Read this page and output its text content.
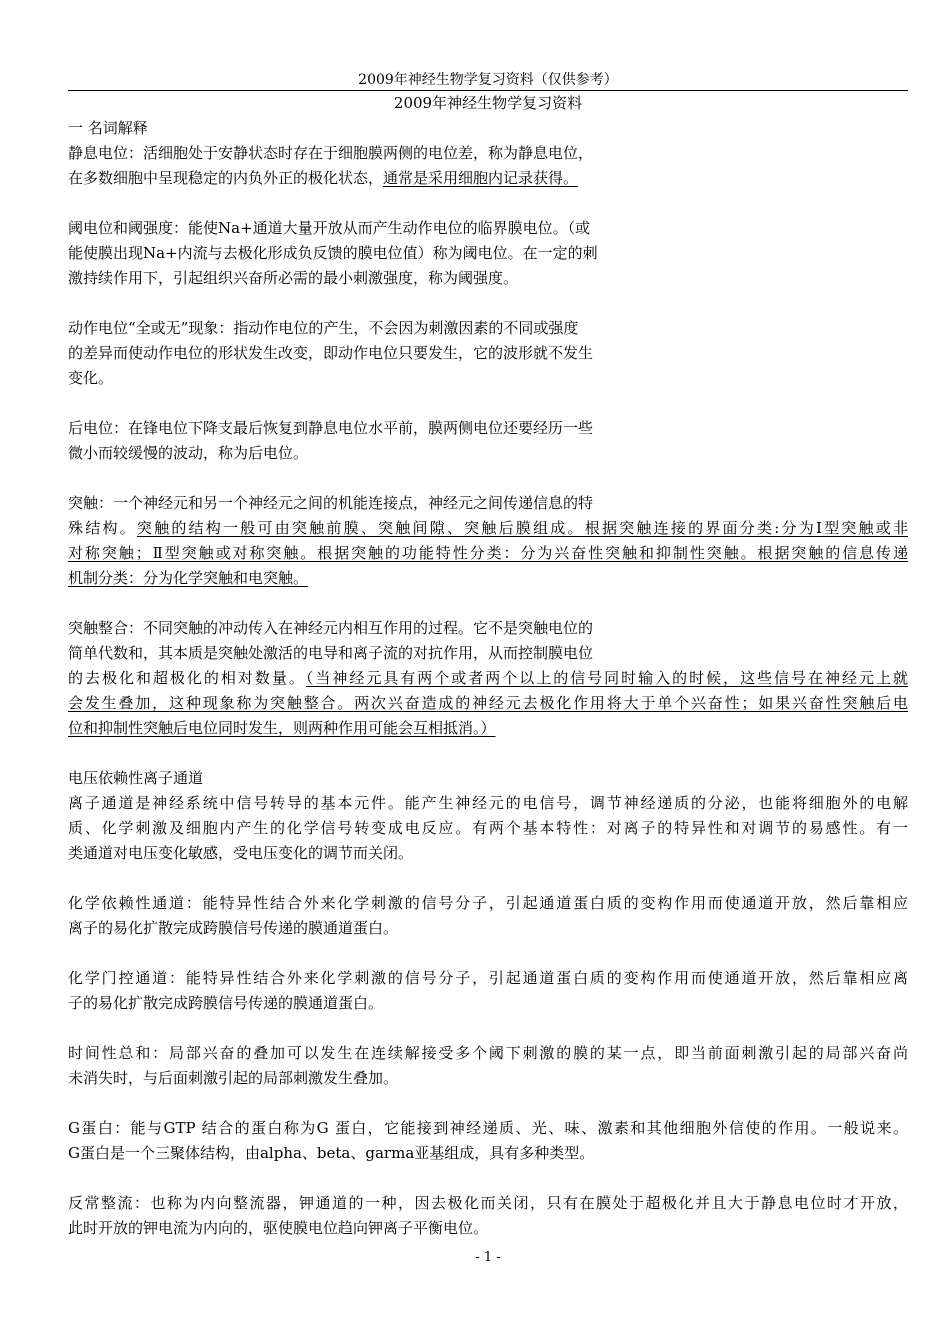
2009年神经生物学复习资料（仅供参考）
2009年神经生物学复习资料
一 名词解释
静息电位：活细胞处于安静状态时存在于细胞膜两侧的电位差，称为静息电位，
在多数细胞中呈现稳定的内负外正的极化状态，通常是采用细胞内记录获得。
阈电位和阈强度：能使Na+通道大量开放从而产生动作电位的临界膜电位。（或
能使膜出现Na+内流与去极化形成负反馈的膜电位值）称为阈电位。在一定的刺
激持续作用下，引起组织兴奋所必需的最小刺激强度，称为阈强度。
动作电位“全或无”现象：指动作电位的产生，不会因为刺激因素的不同或强度
的差异而使动作电位的形状发生改变，即动作电位只要发生，它的波形就不发生
变化。
后电位：在锋电位下降支最后恢复到静息电位水平前，膜两侧电位还要经历一些
微小而较缓慢的波动，称为后电位。
突触：一个神经元和另一个神经元之间的机能连接点，神经元之间传递信息的特
殊结构。突触的结构一般可由突触前膜、突触间隙、突触后膜组成。根据突触连接的界面分类:分为Ⅰ型突触或非
对称突触；Ⅱ型突触或对称突触。根据突触的功能特性分类：分为兴奋性突触和抑制性突触。根据突触的信息传递
机制分类：分为化学突触和电突触。
突触整合：不同突触的冲动传入在神经元内相互作用的过程。它不是突触电位的
简单代数和，其本质是突触处激活的电导和离子流的对抗作用，从而控制膜电位
的去极化和超极化的相对数量。（当神经元具有两个或者两个以上的信号同时输入的时候，这些信号在神经元上就
会发生叠加，这种现象称为突触整合。两次兴奋造成的神经元去极化作用将大于单个兴奋性；如果兴奋性突触后电
位和抑制性突触后电位同时发生，则两种作用可能会互相抵消。）
电压依赖性离子通道
离子通道是神经系统中信号转导的基本元件。能产生神经元的电信号，调节神经递质的分泌，也能将细胞外的电解
质、化学刺激及细胞内产生的化学信号转变成电反应。有两个基本特性：对离子的特异性和对调节的易感性。有一
类通道对电压变化敏感，受电压变化的调节而关闭。
化学依赖性通道：能特异性结合外来化学刺激的信号分子，引起通道蛋白质的变构作用而使通道开放，然后靠相应
离子的易化扩散完成跨膜信号传递的膜通道蛋白。
化学门控通道：能特异性结合外来化学刺激的信号分子，引起通道蛋白质的变构作用而使通道开放，然后靠相应离
子的易化扩散完成跨膜信号传递的膜通道蛋白。
时间性总和：局部兴奋的叠加可以发生在连续解接受多个阈下刺激的膜的某一点，即当前面刺激引起的局部兴奋尚
未消失时，与后面刺激引起的局部刺激发生叠加。
G蛋白：能与GTP 结合的蛋白称为G 蛋白，它能接到神经递质、光、味、激素和其他细胞外信使的作用。一般说来。
G蛋白是一个三聚体结构，由alpha、beta、garma亚基组成，具有多种类型。
反常整流：也称为内向整流器，钾通道的一种，因去极化而关闭，只有在膜处于超极化并且大于静息电位时才开放，
此时开放的钾电流为内向的，驱使膜电位趋向钾离子平衡电位。
- 1 -
